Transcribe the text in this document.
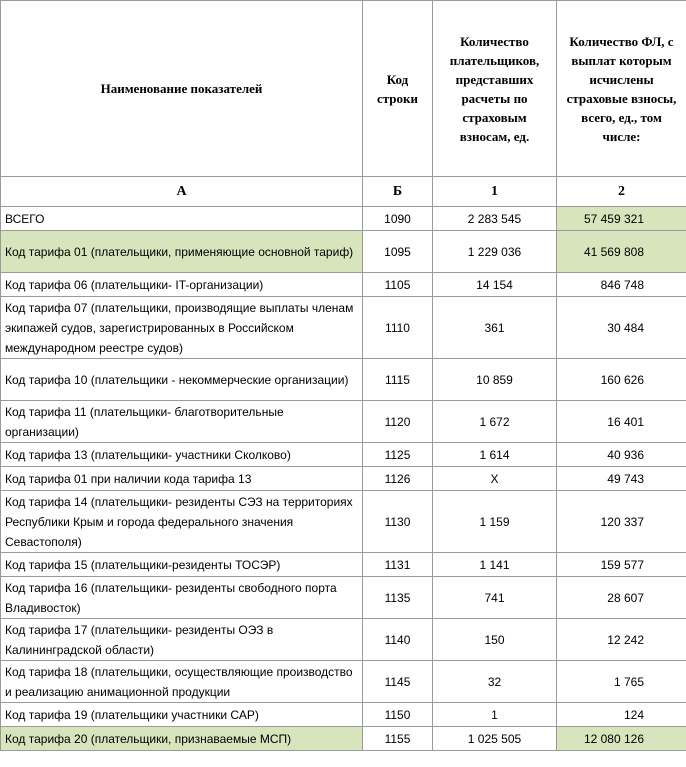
Наименование показателей	Код строки	Количество плательщиков, представших расчеты по страховым взносам, ед.	Количество ФЛ, с выплат которым исчислены страховые взносы, всего, ед., том числе:
А	Б	1	2
ВСЕГО	1090	2 283 545	57 459 321
Код тарифа 01 (плательщики, применяющие основной тариф)	1095	1 229 036	41 569 808
Код тарифа 06 (плательщики- IT-организации)	1105	14 154	846 748
Код тарифа 07 (плательщики, производящие выплаты членам экипажей судов, зарегистрированных в Российском международном реестре судов)	1110	361	30 484
Код тарифа 10 (плательщики - некоммерческие организации)	1115	10 859	160 626
Код тарифа 11 (плательщики- благотворительные организации)	1120	1 672	16 401
Код тарифа 13 (плательщики- участники Сколково)	1125	1 614	40 936
Код тарифа 01 при наличии кода тарифа 13	1126	Х	49 743
Код тарифа 14 (плательщики- резиденты СЭЗ на территориях Республики Крым и города федерального значения Севастополя)	1130	1 159	120 337
Код тарифа 15 (плательщики-резиденты ТОСЭР)	1131	1 141	159 577
Код тарифа 16 (плательщики- резиденты свободного порта Владивосток)	1135	741	28 607
Код тарифа 17 (плательщики- резиденты ОЭЗ в Калининградской области)	1140	150	12 242
Код тарифа 18 (плательщики, осуществляющие производство и реализацию анимационной продукции	1145	32	1 765
Код тарифа 19 (плательщики участники САР)	1150	1	124
Код тарифа 20 (плательщики, признаваемые МСП)	1155	1 025 505	12 080 126
